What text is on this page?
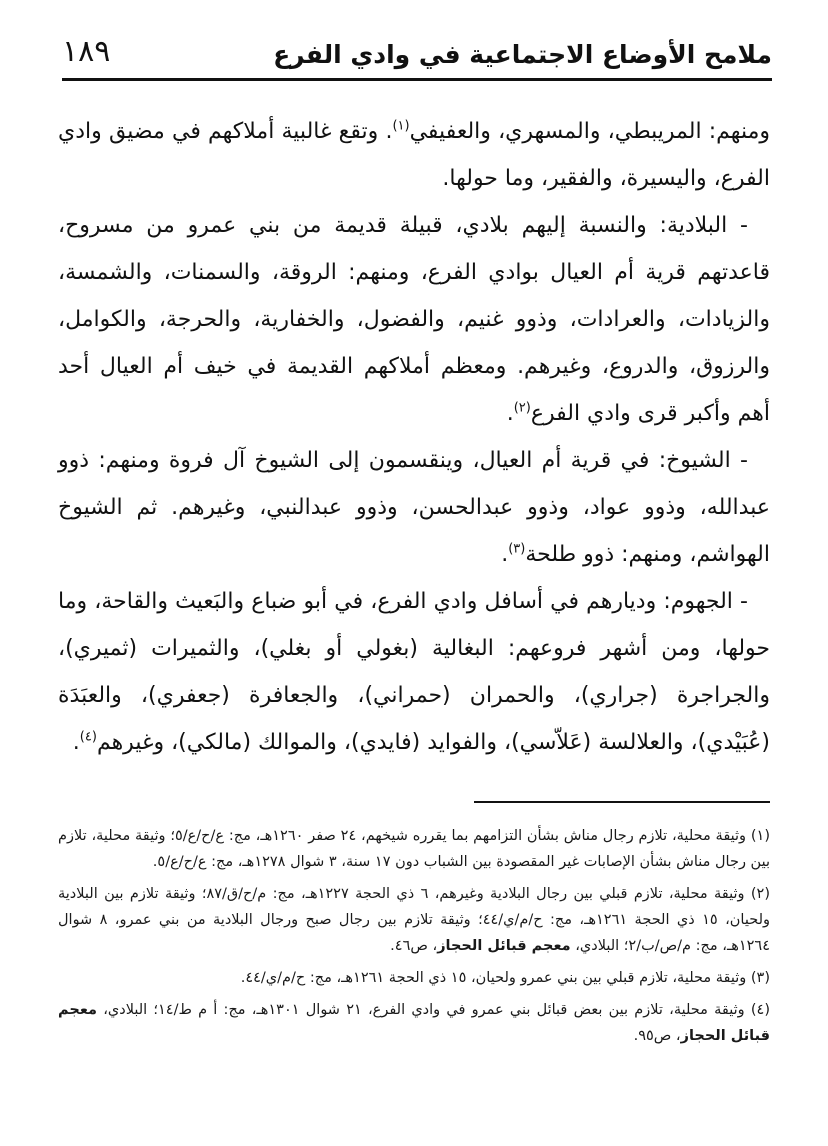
ملامح الأوضاع الاجتماعية في وادي الفرع
١٨٩

ومنهم: المريبطي، والمسهري، والعفيفي$^{(١)}$. وتقع غالبية أملاكهم في مضيق وادي الفرع، واليسيرة، والفقير، وما حولها.

- البلادية: والنسبة إليهم بلادي، قبيلة قديمة من بني عمرو من مسروح، قاعدتهم قرية أم العيال بوادي الفرع، ومنهم: الروقة، والسمنات، والشمسة، والزيادات، والعرادات، وذوو غنيم، والفضول، والخفارية، والحرجة، والكوامل، والرزوق، والدروع، وغيرهم. ومعظم أملاكهم القديمة في خيف أم العيال أحد أهم وأكبر قرى وادي الفرع$^{(٢)}$.

- الشيوخ: في قرية أم العيال، وينقسمون إلى الشيوخ آل فروة ومنهم: ذوو عبدالله، وذوو عواد، وذوو عبدالحسن، وذوو عبدالنبي، وغيرهم. ثم الشيوخ الهواشم، ومنهم: ذوو طلحة$^{(٣)}$.

- الجهوم: وديارهم في أسافل وادي الفرع، في أبو ضباع والبَعيث والقاحة، وما حولها، ومن أشهر فروعهم: البغالية (بغولي أو بغلي)، والثميرات (ثميري)، والجراجرة (جراري)، والحمران (حمراني)، والجعافرة (جعفري)، والعبَدَة (عُبَيْدي)، والعلالسة (عَلاّسي)، والفوايد (فايدي)، والموالك (مالكي)، وغيرهم$^{(٤)}$.

(١) وثيقة محلية، تلازم رجال مناش بشأن التزامهم بما يقرره شيخهم، ٢٤ صفر ١٢٦٠هـ، مج: ع/ح/ع/٥؛ وثيقة محلية، تلازم بين رجال مناش بشأن الإصابات غير المقصودة بين الشباب دون ١٧ سنة، ٣ شوال ١٢٧٨هـ، مج: ع/ح/ع/٥.

(٢) وثيقة محلية، تلازم قبلي بين رجال البلادية وغيرهم، ٦ ذي الحجة ١٢٢٧هـ، مج: م/ح/ق/٨٧؛ وثيقة تلازم بين البلادية ولحيان، ١٥ ذي الحجة ١٢٦١هـ، مج: ح/م/ي/٤٤؛ وثيقة تلازم بين رجال صبح ورجال البلادية من بني عمرو، ٨ شوال ١٢٦٤هـ، مج: م/ص/ب/٢؛ البلادي، معجم قبائل الحجاز، ص٤٦.

(٣) وثيقة محلية، تلازم قبلي بين بني عمرو ولحيان، ١٥ ذي الحجة ١٢٦١هـ، مج: ح/م/ي/٤٤.

(٤) وثيقة محلية، تلازم بين بعض قبائل بني عمرو في وادي الفرع، ٢١ شوال ١٣٠١هـ، مج: أ م ط/١٤؛ البلادي، معجم قبائل الحجاز، ص٩٥.
